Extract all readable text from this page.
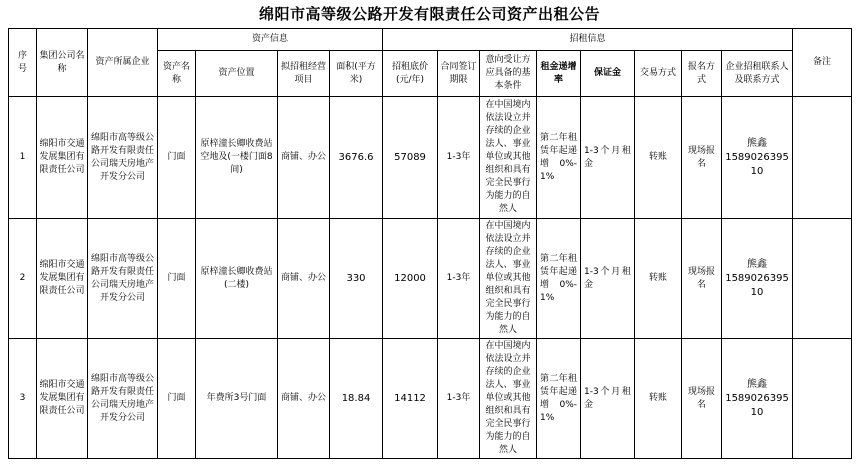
绵阳市高等级公路开发有限责任公司资产出租公告
序号	集团公司名称	资产所属企业	资产信息				招租信息								备注
			资产名称	资产位置	拟招租经营项目	面积(平方米)	招租底价(元/年)	合同签订期限	意向受让方应具备的基本条件	租金递增率	保证金	交易方式	报名方式	企业招租联系人及联系方式	
1	绵阳市交通发展集团有限责任公司	绵阳市高等级公路开发有限责任公司瑞天房地产开发分公司	门面	原梓潼长卿收费站空地及(一楼门面8间)	商铺、办公	3676.6	57089	1-3年	在中国境内依法设立并存续的企业法人、事业单位或其他组织和具有完全民事行为能力的自然人	第二年租赁年起递增0%-1%	1-3个月租金	转账	现场报名	熊鑫
158902639510	

2	绵阳市交通发展集团有限责任公司	绵阳市高等级公路开发有限责任公司瑞天房地产开发分公司	门面	原梓潼长卿收费站(二楼)	商铺、办公	330	12000	1-3年	在中国境内依法设立并存续的企业法人、事业单位或其他组织和具有完全民事行为能力的自然人	第二年租赁年起递增0%-1%	1-3个月租金	转账	现场报名	熊鑫
158902639510	

3	绵阳市交通发展集团有限责任公司	绵阳市高等级公路开发有限责任公司瑞天房地产开发分公司	门面	年费所3号门面	商铺、办公	18.84	14112	1-3年	在中国境内依法设立并存续的企业法人、事业单位或其他组织和具有完全民事行为能力的自然人	第二年租赁年起递增0%-1%	1-3个月租金	转账	现场报名	熊鑫
158902639510	
